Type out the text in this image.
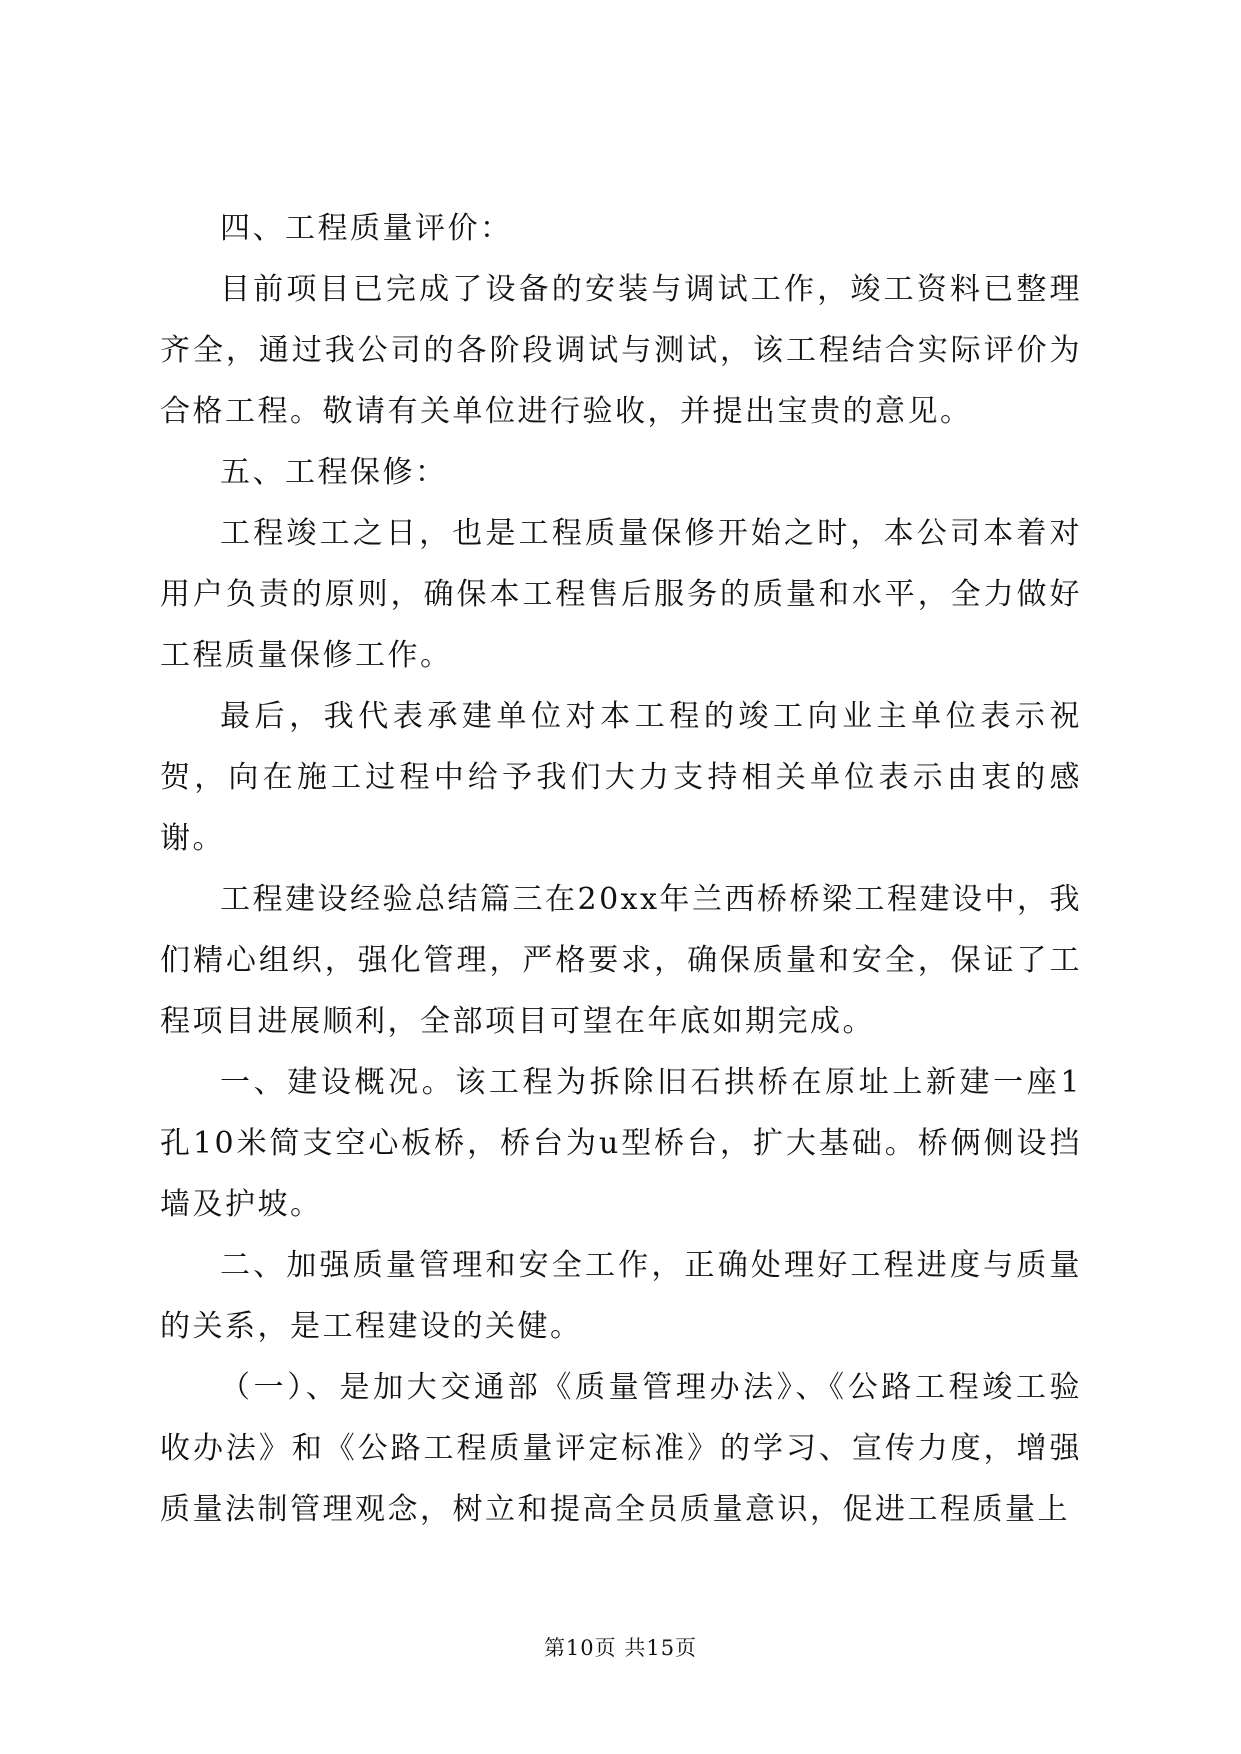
四、工程质量评价：

目前项目已完成了设备的安装与调试工作，竣工资料已整理齐全，通过我公司的各阶段调试与测试，该工程结合实际评价为合格工程。敬请有关单位进行验收，并提出宝贵的意见。

五、工程保修：

工程竣工之日，也是工程质量保修开始之时，本公司本着对用户负责的原则，确保本工程售后服务的质量和水平，全力做好工程质量保修工作。

最后，我代表承建单位对本工程的竣工向业主单位表示祝贺，向在施工过程中给予我们大力支持相关单位表示由衷的感谢。

工程建设经验总结篇三在20xx年兰西桥桥梁工程建设中，我们精心组织，强化管理，严格要求，确保质量和安全，保证了工程项目进展顺利，全部项目可望在年底如期完成。

一、建设概况。该工程为拆除旧石拱桥在原址上新建一座1孔10米简支空心板桥，桥台为u型桥台，扩大基础。桥俩侧设挡墙及护坡。

二、加强质量管理和安全工作，正确处理好工程进度与质量的关系，是工程建设的关健。

（一）、是加大交通部《质量管理办法》、《公路工程竣工验收办法》和《公路工程质量评定标准》的学习、宣传力度，增强质量法制管理观念，树立和提高全员质量意识，促进工程质量上

第10页 共15页
